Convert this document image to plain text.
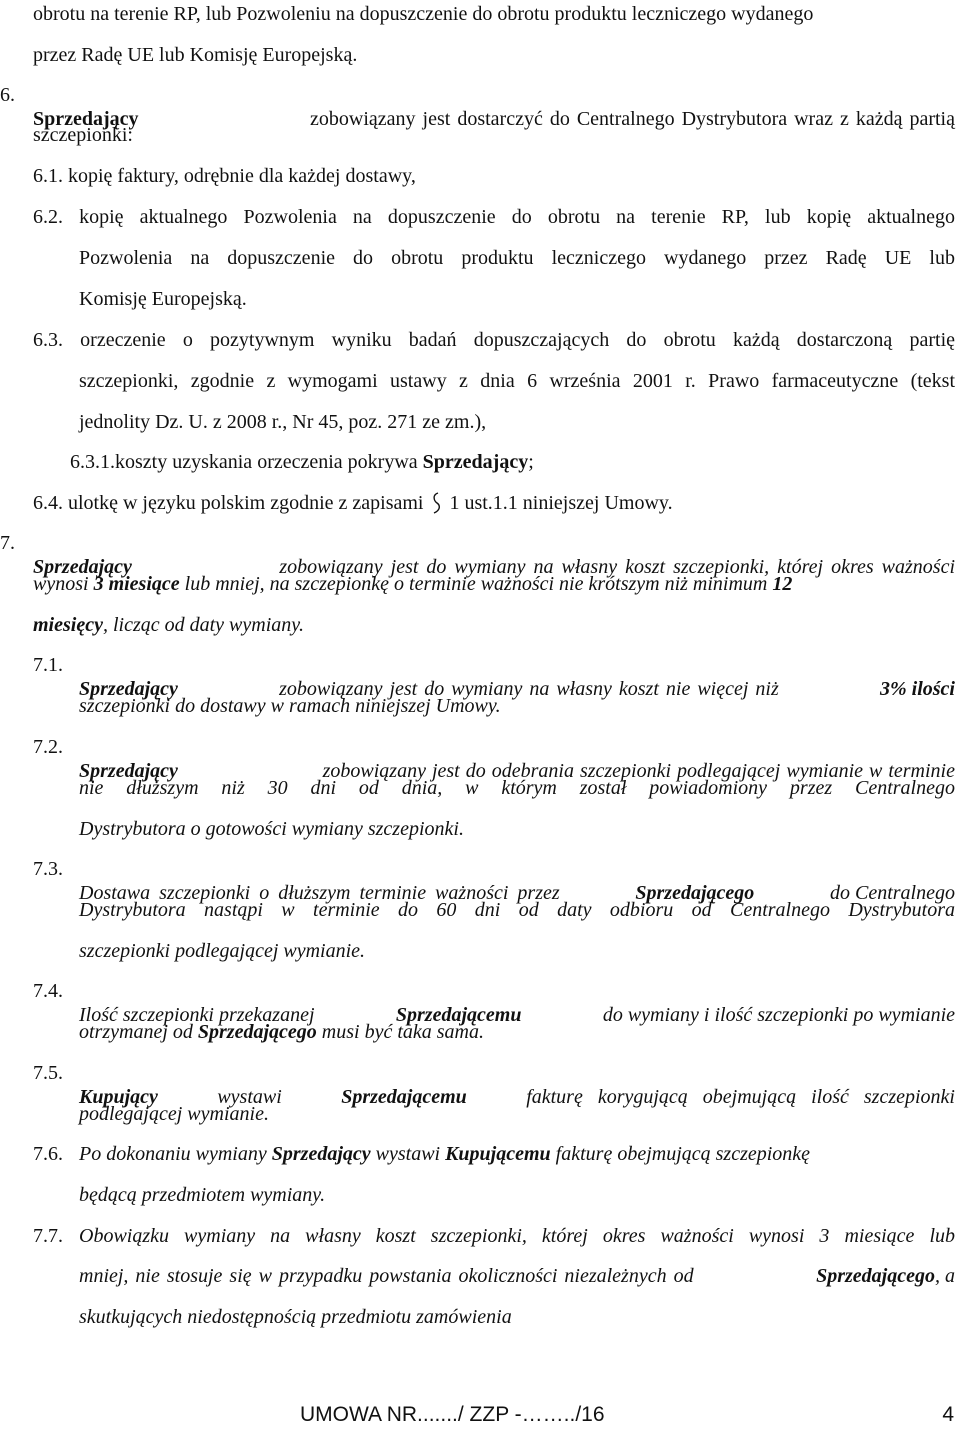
obrotu na terenie RP, lub Pozwoleniu na dopuszczenie do obrotu produktu leczniczego wydanego
przez Radę UE lub Komisję Europejską.
6.
Sprzedający	zobowiązany jest dostarczyć do Centralnego Dystrybutora wraz z każdą partią
szczepionki:
6.1. kopię faktury, odrębnie dla każdej dostawy,
6.2. kopię aktualnego Pozwolenia na dopuszczenie do obrotu na terenie RP, lub kopię aktualnego
Pozwolenia na dopuszczenie do obrotu produktu leczniczego wydanego przez Radę UE lub
Komisję Europejską.
6.3. orzeczenie o pozytywnym wyniku badań dopuszczających do obrotu każdą dostarczoną partię
szczepionki, zgodnie z wymogami ustawy z dnia 6 września 2001 r. Prawo farmaceutyczne (tekst
jednolity Dz. U. z 2008 r., Nr 45, poz. 271 ze zm.),
6.3.1.koszty uzyskania orzeczenia pokrywa Sprzedający;
6.4. ulotkę w języku polskim zgodnie z zapisami  1 ust.1.1 niniejszej Umowy.
7.
Sprzedający	zobowiązany jest do wymiany na własny koszt szczepionki, której okres ważności
wynosi 3 miesiące lub mniej, na szczepionkę o terminie ważności nie krótszym niż minimum 12
miesięcy, licząc od daty wymiany.
7.1.
Sprzedający	zobowiązany jest do wymiany na własny koszt nie więcej niż	3% ilości
szczepionki do dostawy w ramach niniejszej Umowy.
7.2.
Sprzedający	zobowiązany jest do odebrania szczepionki podlegającej wymianie w terminie
nie dłuższym niż 30 dni od dnia, w którym został powiadomiony przez Centralnego
Dystrybutora o gotowości wymiany szczepionki.
7.3.
Dostawa szczepionki o dłuższym terminie ważności przez	Sprzedającego	do Centralnego
Dystrybutora nastąpi w terminie do 60 dni od daty odbioru od Centralnego Dystrybutora
szczepionki podlegającej wymianie.
7.4.
Ilość szczepionki przekazanej	Sprzedającemu	do wymiany i ilość szczepionki po wymianie
otrzymanej od Sprzedającego musi być taka sama.
7.5.
Kupujący	wystawi	Sprzedającemu	fakturę korygującą obejmującą ilość szczepionki
podlegającej wymianie.
7.6. Po dokonaniu wymiany Sprzedający wystawi Kupującemu fakturę obejmującą szczepionkę
będącą przedmiotem wymiany.
7.7. Obowiązku wymiany na własny koszt szczepionki, której okres ważności wynosi 3 miesiące lub
mniej, nie stosuje się w przypadku powstania okoliczności niezależnych od	Sprzedającego, a
skutkujących niedostępnością przedmiotu zamówienia
UMOWA NR......./ ZZP -……../16	4
